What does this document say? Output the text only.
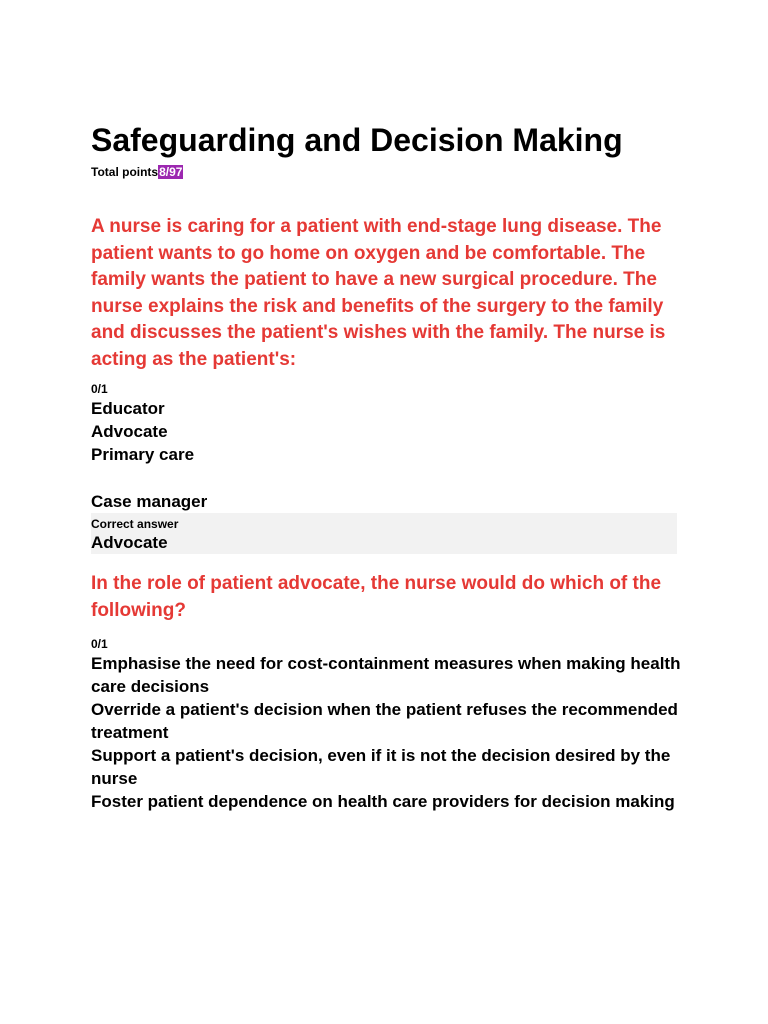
Safeguarding and Decision Making
Total points8/97

A nurse is caring for a patient with end-stage lung disease. The patient wants to go home on oxygen and be comfortable. The family wants the patient to have a new surgical procedure. The nurse explains the risk and benefits of the surgery to the family and discusses the patient's wishes with the family. The nurse is acting as the patient's:

0/1
Educator
Advocate
Primary care
Case manager
Correct answer
Advocate

In the role of patient advocate, the nurse would do which of the following?

0/1
Emphasise the need for cost-containment measures when making health care decisions
Override a patient's decision when the patient refuses the recommended treatment
Support a patient's decision, even if it is not the decision desired by the nurse
Foster patient dependence on health care providers for decision making
